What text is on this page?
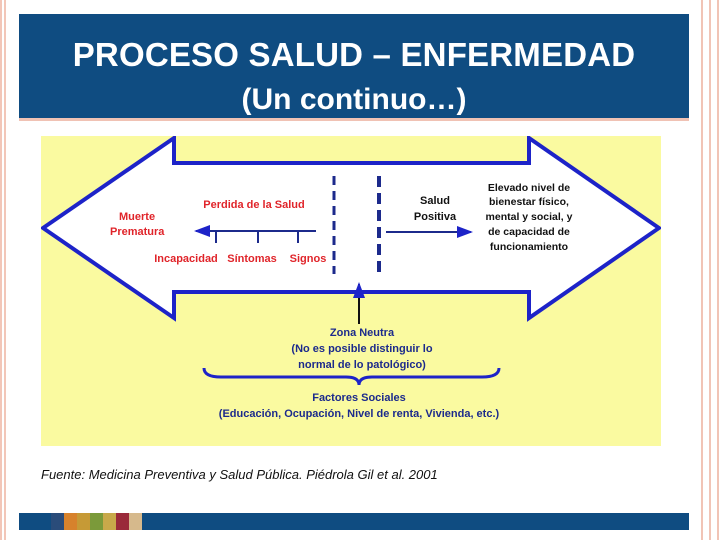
PROCESO SALUD – ENFERMEDAD
(Un continuo…)
Muerte
Prematura
Perdida de la Salud
Incapacidad Síntomas Signos
Salud
Positiva
Elevado nivel de
bienestar físico,
mental y social, y
de capacidad de
funcionamiento
Zona Neutra
(No es posible distinguir lo
normal de lo patológico)
Factores Sociales
(Educación, Ocupación, Nivel de renta, Vivienda, etc.)
Fuente: Medicina Preventiva y Salud Pública. Piédrola Gil et al. 2001
